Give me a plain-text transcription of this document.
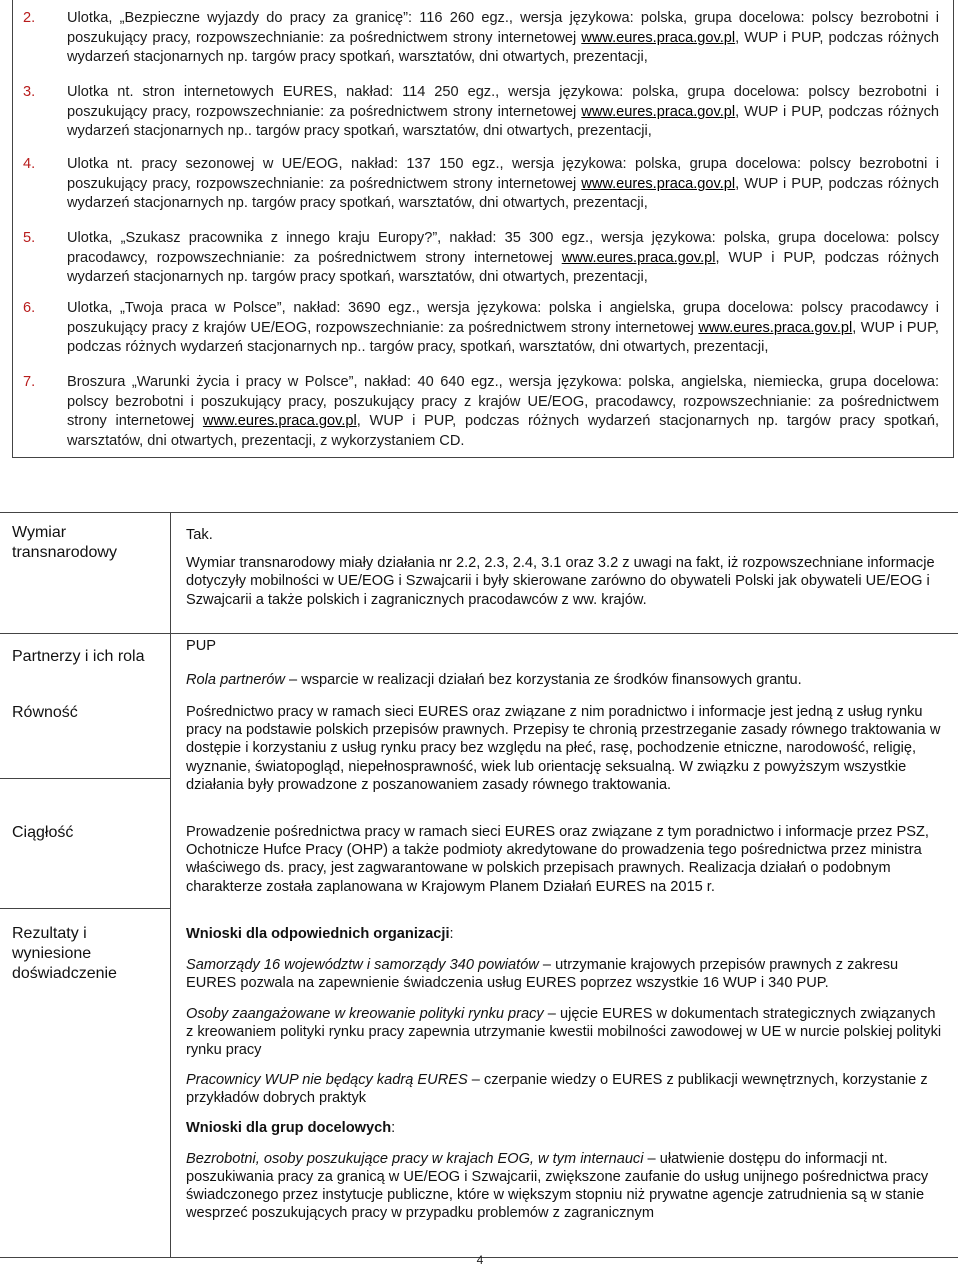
2. Ulotka, „Bezpieczne wyjazdy do pracy za granicę”: 116 260 egz., wersja językowa: polska, grupa docelowa: polscy bezrobotni i poszukujący pracy, rozpowszechnianie: za pośrednictwem strony internetowej www.eures.praca.gov.pl, WUP i PUP, podczas różnych wydarzeń stacjonarnych np. targów pracy spotkań, warsztatów, dni otwartych, prezentacji,
3. Ulotka nt. stron internetowych EURES, nakład: 114 250 egz., wersja językowa: polska, grupa docelowa: polscy bezrobotni i poszukujący pracy, rozpowszechnianie: za pośrednictwem strony internetowej www.eures.praca.gov.pl, WUP i PUP, podczas różnych wydarzeń stacjonarnych np.. targów pracy spotkań, warsztatów, dni otwartych, prezentacji,
4. Ulotka nt. pracy sezonowej w UE/EOG, nakład: 137 150 egz., wersja językowa: polska, grupa docelowa: polscy bezrobotni i poszukujący pracy, rozpowszechnianie: za pośrednictwem strony internetowej www.eures.praca.gov.pl, WUP i PUP, podczas różnych wydarzeń stacjonarnych np. targów pracy spotkań, warsztatów, dni otwartych, prezentacji,
5. Ulotka, „Szukasz pracownika z innego kraju Europy?”, nakład: 35 300 egz., wersja językowa: polska, grupa docelowa: polscy pracodawcy, rozpowszechnianie: za pośrednictwem strony internetowej www.eures.praca.gov.pl, WUP i PUP, podczas różnych wydarzeń stacjonarnych np. targów pracy spotkań, warsztatów, dni otwartych, prezentacji,
6. Ulotka, „Twoja praca w Polsce”, nakład: 3690 egz., wersja językowa: polska i angielska, grupa docelowa: polscy pracodawcy i poszukujący pracy z krajów UE/EOG, rozpowszechnianie: za pośrednictwem strony internetowej www.eures.praca.gov.pl, WUP i PUP, podczas różnych wydarzeń stacjonarnych np.. targów pracy, spotkań, warsztatów, dni otwartych, prezentacji,
7. Broszura „Warunki życia i pracy w Polsce”, nakład: 40 640 egz., wersja językowa: polska, angielska, niemiecka, grupa docelowa: polscy bezrobotni i poszukujący pracy, poszukujący pracy z krajów UE/EOG, pracodawcy, rozpowszechnianie: za pośrednictwem strony internetowej www.eures.praca.gov.pl, WUP i PUP, podczas różnych wydarzeń stacjonarnych np. targów pracy spotkań, warsztatów, dni otwartych, prezentacji, z wykorzystaniem CD.
Wymiar transnarodowy

Tak.

Wymiar transnarodowy miały działania nr 2.2, 2.3, 2.4, 3.1 oraz 3.2 z uwagi na fakt, iż rozpowszechniane informacje dotyczyły mobilności w UE/EOG i Szwajcarii i były skierowane zarówno do obywateli Polski jak obywateli UE/EOG i Szwajcarii a także polskich i zagranicznych pracodawców z ww. krajów.

Partnerzy i ich rola

PUP

Rola partnerów – wsparcie w realizacji działań bez korzystania ze środków finansowych grantu.

Równość	Pośrednictwo pracy w ramach sieci EURES oraz związane z nim poradnictwo i informacje jest jedną z usług rynku pracy na podstawie polskich przepisów prawnych. Przepisy te chronią przestrzeganie zasady równego traktowania w dostępie i korzystaniu z usług rynku pracy bez względu na płeć, rasę, pochodzenie etniczne, narodowość, religię, wyznanie, światopogląd, niepełnosprawność, wiek lub orientację seksualną. W związku z powyższym wszystkie działania były prowadzone z poszanowaniem zasady równego traktowania.

Ciągłość	Prowadzenie pośrednictwa pracy w ramach sieci EURES oraz związane z tym poradnictwo i informacje przez PSZ, Ochotnicze Hufce Pracy (OHP) a także podmioty akredytowane do prowadzenia tego pośrednictwa przez ministra właściwego ds. pracy, jest zagwarantowane w polskich przepisach prawnych. Realizacja działań o podobnym charakterze została zaplanowana w Krajowym Planem Działań EURES na 2015 r.

Rezultaty i wyniesione doświadczenie

Wnioski dla odpowiednich organizacji:

Samorządy 16 województw i samorządy 340 powiatów – utrzymanie krajowych przepisów prawnych z zakresu EURES pozwala na zapewnienie świadczenia usług EURES poprzez wszystkie 16 WUP i 340 PUP.

Osoby zaangażowane w kreowanie polityki rynku pracy – ujęcie EURES w dokumentach strategicznych związanych z kreowaniem polityki rynku pracy zapewnia utrzymanie kwestii mobilności zawodowej w UE w nurcie polskiej polityki rynku pracy

Pracownicy WUP nie będący kadrą EURES – czerpanie wiedzy o EURES z publikacji wewnętrznych, korzystanie z przykładów dobrych praktyk

Wnioski dla grup docelowych:

Bezrobotni, osoby poszukujące pracy w krajach EOG, w tym internauci – ułatwienie dostępu do informacji nt. poszukiwania pracy za granicą w UE/EOG i Szwajcarii, zwiększone zaufanie do usług unijnego pośrednictwa pracy świadczonego przez instytucje publiczne, które w większym stopniu niż prywatne agencje zatrudnienia są w stanie wesprzeć poszukujących pracy w przypadku problemów z zagranicznym

4
